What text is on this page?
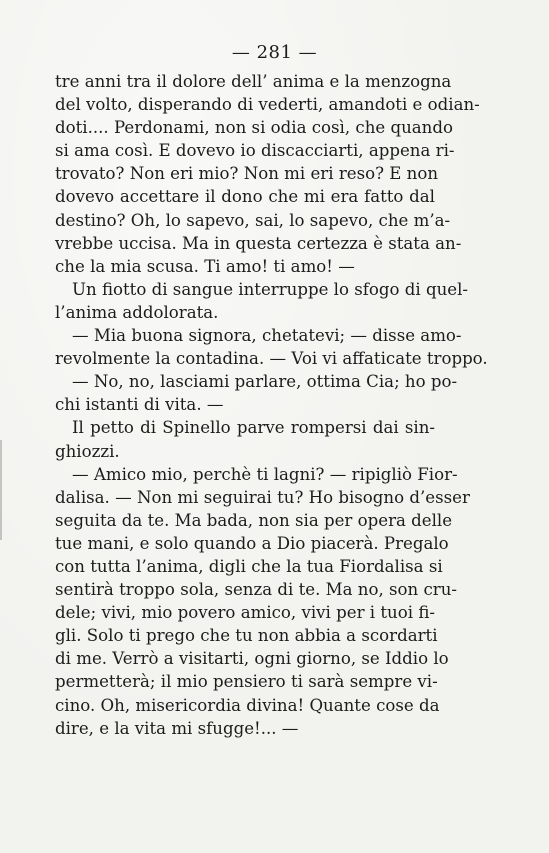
— 281 —
tre anni tra il dolore dell’ anima e la menzogna
del volto, disperando di vederti, amandoti e odian-
doti.... Perdonami, non si odia così, che quando
si ama così. E dovevo io discacciarti, appena ri-
trovato? Non eri mio? Non mi eri reso? E non
dovevo accettare il dono che mi era fatto dal
destino? Oh, lo sapevo, sai, lo sapevo, che m’a-
vrebbe uccisa. Ma in questa certezza è stata an-
che la mia scusa. Ti amo! ti amo! —
Un fiotto di sangue interruppe lo sfogo di quel-
l’anima addolorata.
— Mia buona signora, chetatevi; — disse amo-
revolmente la contadina. — Voi vi affaticate troppo.
— No, no, lasciami parlare, ottima Cia; ho po-
chi istanti di vita. —
Il petto di Spinello parve rompersi dai sin-
ghiozzi.
— Amico mio, perchè ti lagni? — ripigliò Fior-
dalisa. — Non mi seguirai tu? Ho bisogno d’esser
seguita da te. Ma bada, non sia per opera delle
tue mani, e solo quando a Dio piacerà. Pregalo
con tutta l’anima, digli che la tua Fiordalisa si
sentirà troppo sola, senza di te. Ma no, son cru-
dele; vivi, mio povero amico, vivi per i tuoi fi-
gli. Solo ti prego che tu non abbia a scordarti
di me. Verrò a visitarti, ogni giorno, se Iddio lo
permetterà; il mio pensiero ti sarà sempre vi-
cino. Oh, misericordia divina! Quante cose da
dire, e la vita mi sfugge!... —
